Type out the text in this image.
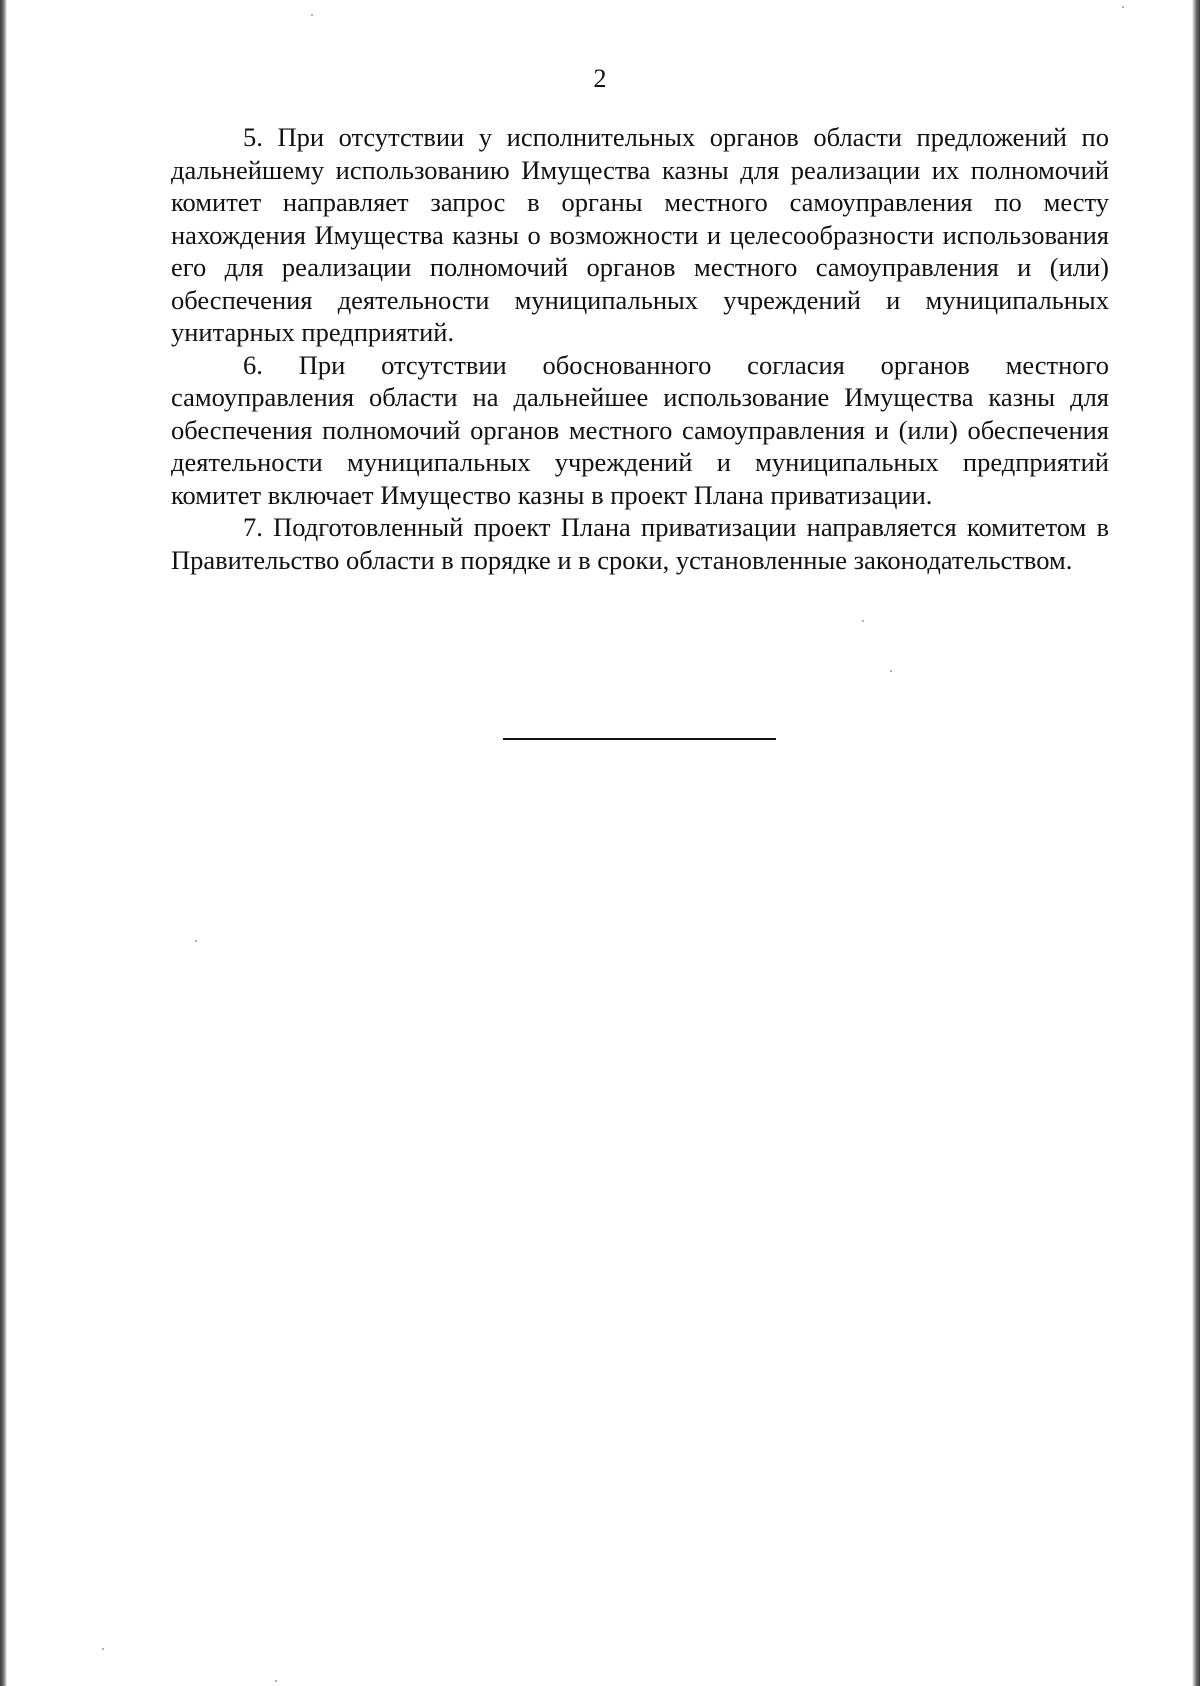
2

5. При отсутствии у исполнительных органов области предложений по дальнейшему использованию Имущества казны для реализации их полномочий комитет направляет запрос в органы местного самоуправления по месту нахождения Имущества казны о возможности и целесообразности использования его для реализации полномочий органов местного самоуправления и (или) обеспечения деятельности муниципальных учреждений и муниципальных унитарных предприятий.

6. При отсутствии обоснованного согласия органов местного самоуправления области на дальнейшее использование Имущества казны для обеспечения полномочий органов местного самоуправления и (или) обеспечения деятельности муниципальных учреждений и муниципальных предприятий комитет включает Имущество казны в проект Плана приватизации.

7. Подготовленный проект Плана приватизации направляется комитетом в Правительство области в порядке и в сроки, установленные законодательством.
